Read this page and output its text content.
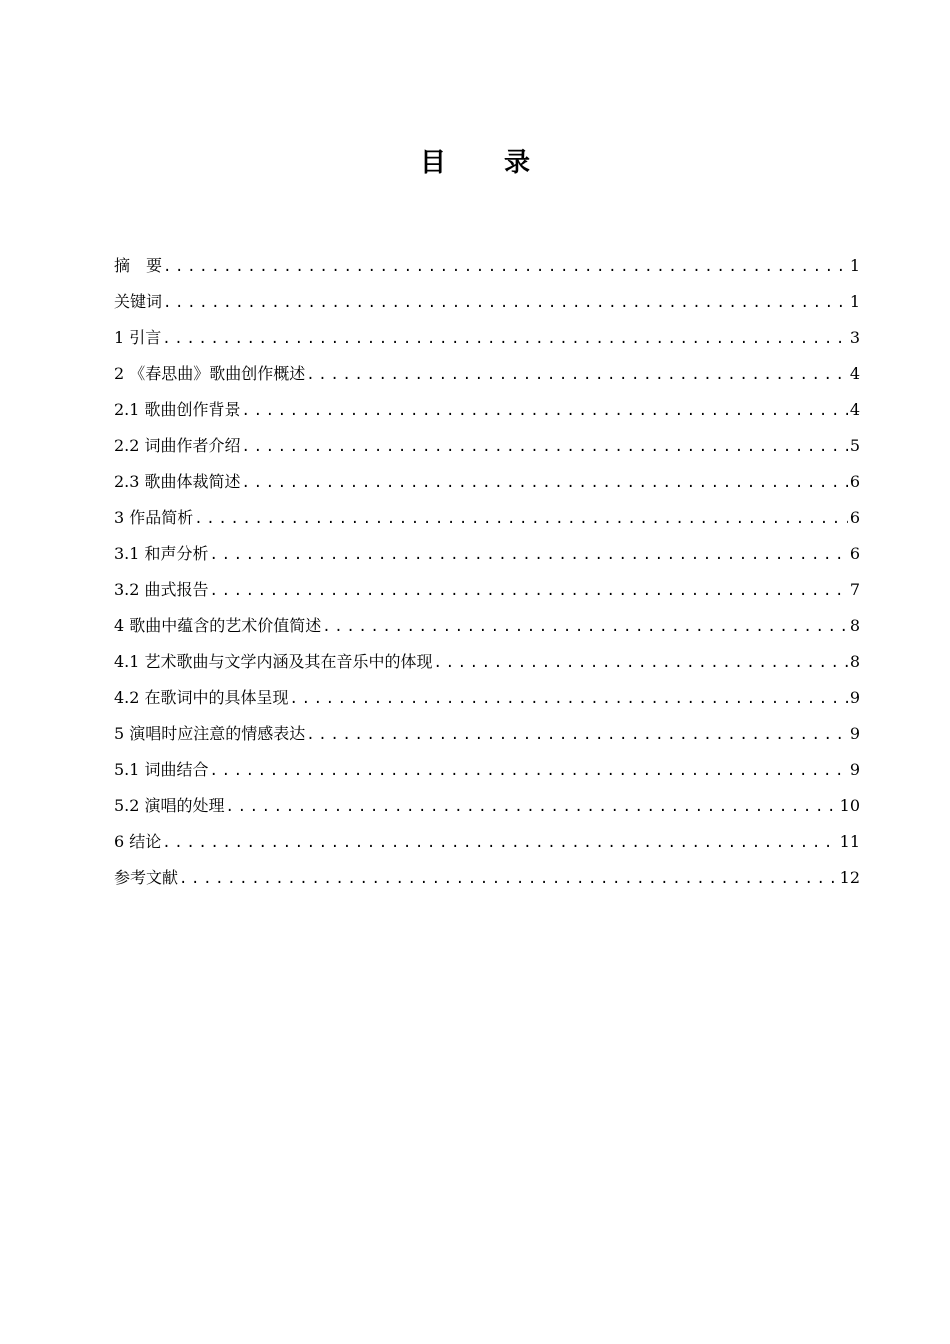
目 录
摘　要 .....	1
关键词 .....	1
1 引言 .....	3
2 《春思曲》歌曲创作概述 .....	4
2.1 歌曲创作背景 .....	4
2.2 词曲作者介绍 .....	5
2.3 歌曲体裁简述 .....	6
3 作品简析 .....	6
3.1 和声分析 .....	6
3.2 曲式报告 .....	7
4 歌曲中蕴含的艺术价值简述 .....	8
4.1 艺术歌曲与文学内涵及其在音乐中的体现 .....	8
4.2 在歌词中的具体呈现 .....	9
5 演唱时应注意的情感表达 .....	9
5.1 词曲结合 .....	9
5.2 演唱的处理 .....	10
6 结论 .....	11
参考文献 .....	12
